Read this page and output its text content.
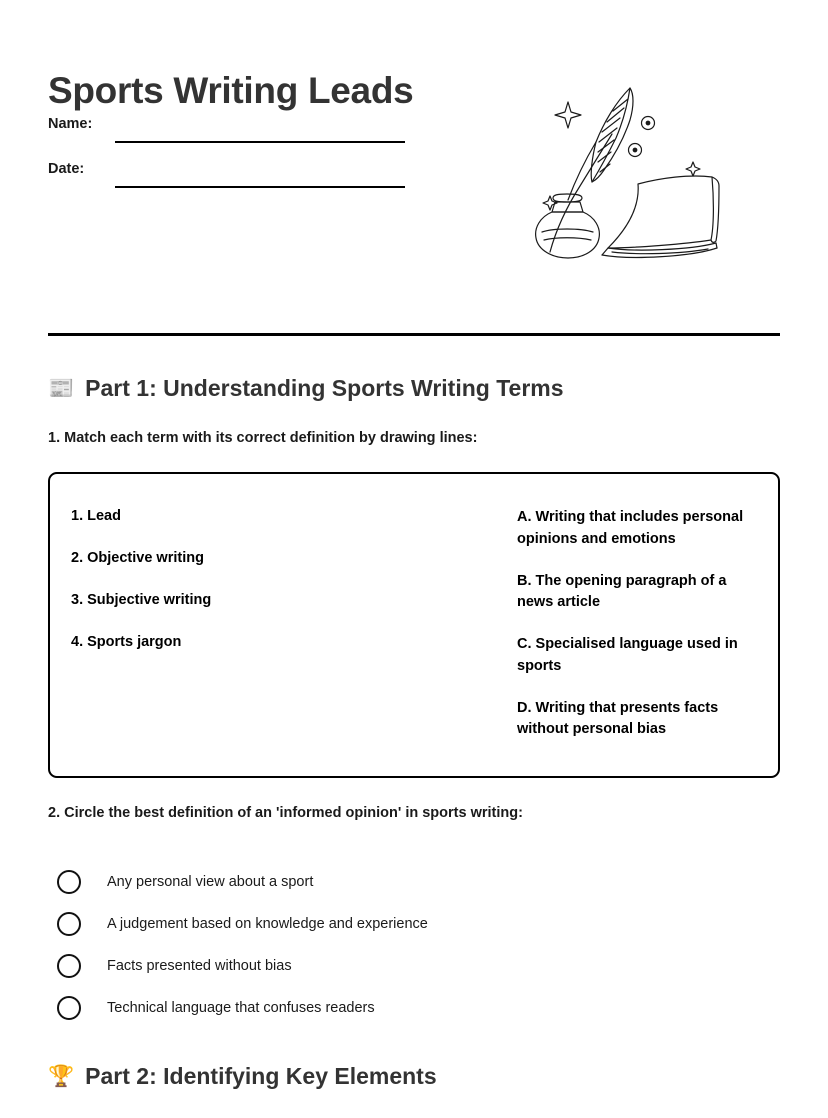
Sports Writing Leads
Name:
Date:
📰 Part 1: Understanding Sports Writing Terms
1. Match each term with its correct definition by drawing lines:
1. Lead
2. Objective writing
3. Subjective writing
4. Sports jargon
A. Writing that includes personal opinions and emotions
B. The opening paragraph of a news article
C. Specialised language used in sports
D. Writing that presents facts without personal bias
2. Circle the best definition of an 'informed opinion' in sports writing:
Any personal view about a sport
A judgement based on knowledge and experience
Facts presented without bias
Technical language that confuses readers
🏆 Part 2: Identifying Key Elements
